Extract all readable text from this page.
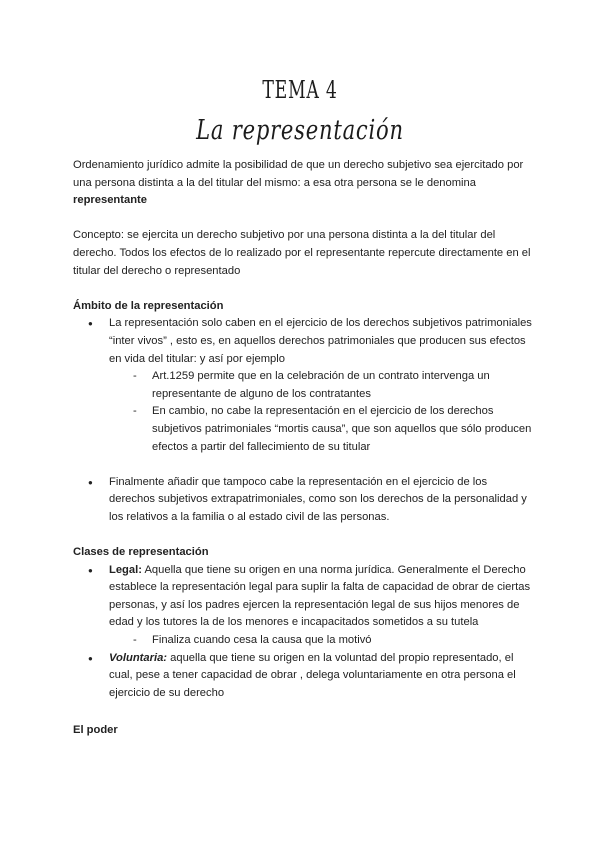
TEMA 4
La representación

Ordenamiento jurídico admite la posibilidad de que un derecho subjetivo sea ejercitado por una persona distinta a la del titular del mismo: a esa otra persona se le denomina representante

Concepto: se ejercita un derecho subjetivo por una persona distinta a la del titular del derecho. Todos los efectos de lo realizado por el representante repercute directamente en el titular del derecho o representado

Ámbito de la representación

● La representación solo caben en el ejercicio de los derechos subjetivos patrimoniales “inter vivos” , esto es, en aquellos derechos patrimoniales que producen sus efectos en vida del titular: y así por ejemplo
- Art.1259 permite que en la celebración de un contrato intervenga un representante de alguno de los contratantes
- En cambio, no cabe la representación en el ejercicio de los derechos subjetivos patrimoniales “mortis causa”, que son aquellos que sólo producen efectos a partir del fallecimiento de su titular
● Finalmente añadir que tampoco cabe la representación en el ejercicio de los derechos subjetivos extrapatrimoniales, como son los derechos de la personalidad y los relativos a la familia o al estado civil de las personas.

Clases de representación

● Legal: Aquella que tiene su origen en una norma jurídica. Generalmente el Derecho establece la representación legal para suplir la falta de capacidad de obrar de ciertas personas, y así los padres ejercen la representación legal de sus hijos menores de edad y los tutores la de los menores e incapacitados sometidos a su tutela
- Finaliza cuando cesa la causa que la motivó
● Voluntaria: aquella que tiene su origen en la voluntad del propio representado, el cual, pese a tener capacidad de obrar , delega voluntariamente en otra persona el ejercicio de su derecho

El poder
